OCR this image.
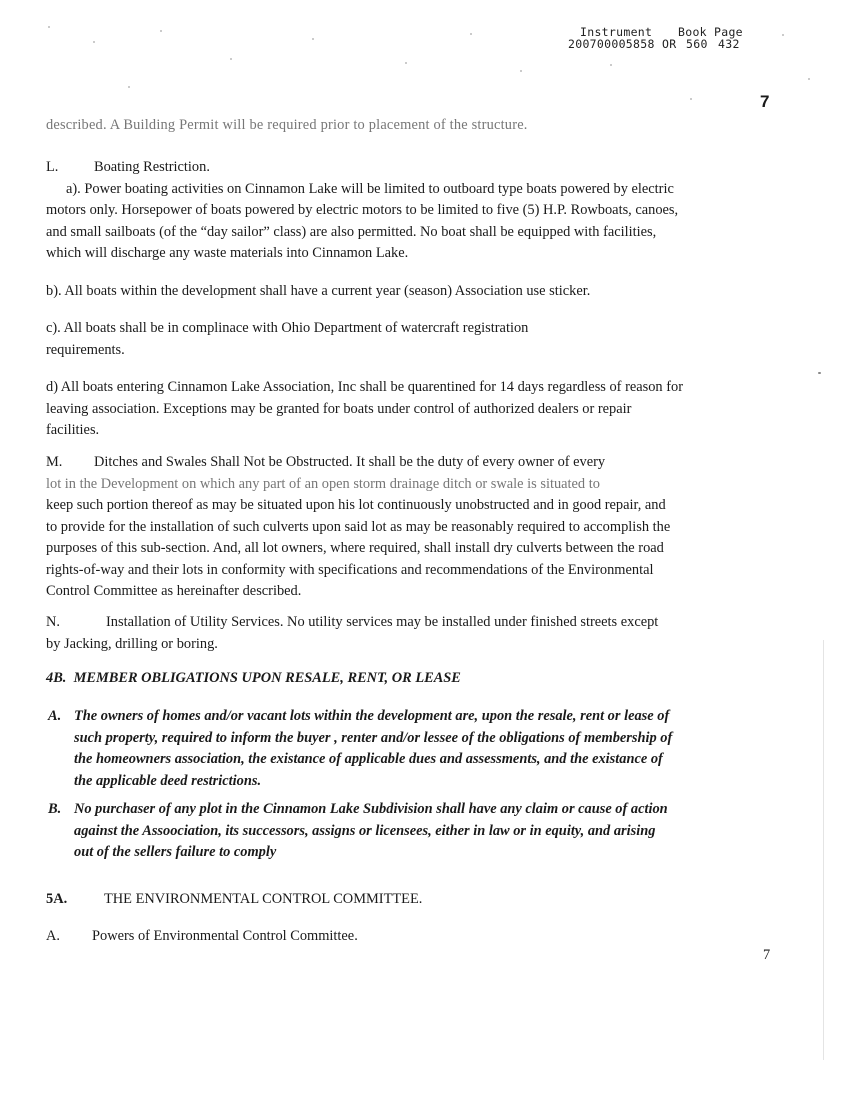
Instrument Book Page
200700005858 OR 560 432
7

described. A Building Permit will be required prior to placement of the structure.

L. Boating Restriction.

a). Power boating activities on Cinnamon Lake will be limited to outboard type boats powered by electric motors only. Horsepower of boats powered by electric motors to be limited to five (5) H.P. Rowboats, canoes, and small sailboats (of the “day sailor” class) are also permitted. No boat shall be equipped with facilities, which will discharge any waste materials into Cinnamon Lake.

b). All boats within the development shall have a current year (season) Association use sticker.

c). All boats shall be in complinace with Ohio Department of watercraft registration requirements.

d) All boats entering Cinnamon Lake Association, Inc shall be quarentined for 14 days regardless of reason for leaving association. Exceptions may be granted for boats under control of authorized dealers or repair facilities.

M. Ditches and Swales Shall Not be Obstructed. It shall be the duty of every owner of every

lot in the Development on which any part of an open storm drainage ditch or swale is situated to

keep such portion thereof as may be situated upon his lot continuously unobstructed and in good repair, and to provide for the installation of such culverts upon said lot as may be reasonably required to accomplish the purposes of this sub-section. And, all lot owners, where required, shall install dry culverts between the road rights-of-way and their lots in conformity with specifications and recommendations of the Environmental Control Committee as hereinafter described.

N.	Installation of Utility Services. No utility services may be installed under finished streets except by Jacking, drilling or boring.

4B.  MEMBER OBLIGATIONS UPON RESALE, RENT, OR LEASE
A. The owners of homes and/or vacant lots within the development are, upon the resale, rent or lease of such property, required to inform the buyer , renter and/or lessee of the obligations of membership of the homeowners association, the existance of applicable dues and assessments, and the existance of the applicable deed restrictions.

B. No purchaser of any plot in the Cinnamon Lake Subdivision shall have any claim or cause of action against the Assoociation, its successors, assigns or licensees, either in law or in equity, and arising out of the sellers failure to comply

5A.	THE ENVIRONMENTAL CONTROL COMMITTEE.
A. Powers of Environmental Control Committee.
7
